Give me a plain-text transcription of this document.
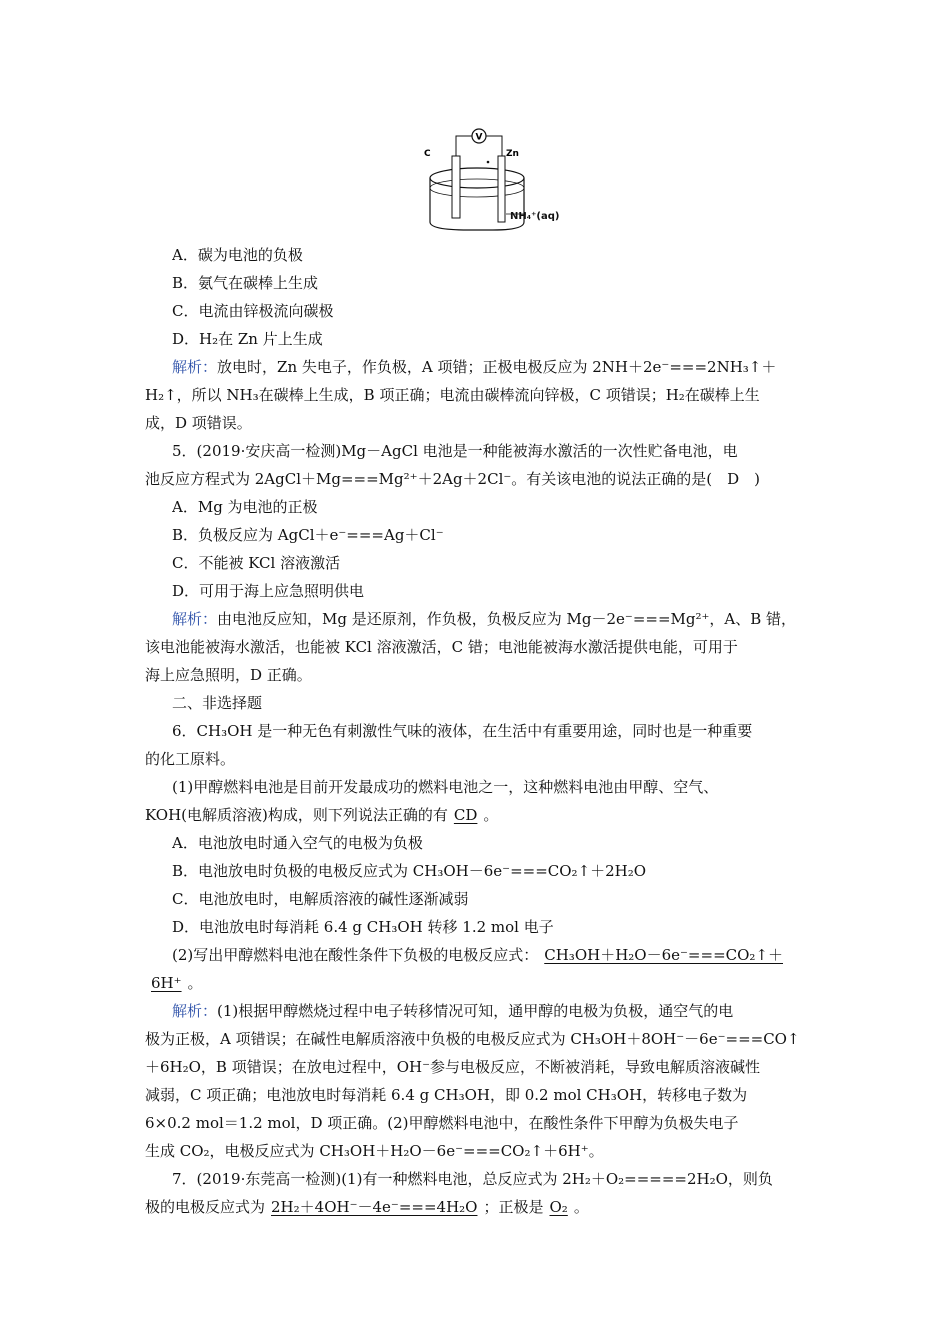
V
C	Zn
NH₄⁺(aq)
A．碳为电池的负极
B．氨气在碳棒上生成
C．电流由锌极流向碳极
D．H₂在 Zn 片上生成
解析：放电时，Zn 失电子，作负极，A 项错；正极电极反应为 2NH＋2e⁻===2NH₃↑＋
H₂↑，所以 NH₃在碳棒上生成，B 项正确；电流由碳棒流向锌极，C 项错误；H₂在碳棒上生
成，D 项错误。
5．(2019·安庆高一检测)Mg－AgCl 电池是一种能被海水激活的一次性贮备电池，电
池反应方程式为 2AgCl＋Mg===Mg²⁺＋2Ag＋2Cl⁻。有关该电池的说法正确的是(　D　)
A．Mg 为电池的正极
B．负极反应为 AgCl＋e⁻===Ag＋Cl⁻
C．不能被 KCl 溶液激活
D．可用于海上应急照明供电
解析：由电池反应知，Mg 是还原剂，作负极，负极反应为 Mg－2e⁻===Mg²⁺，A、B 错，
该电池能被海水激活，也能被 KCl 溶液激活，C 错；电池能被海水激活提供电能，可用于
海上应急照明，D 正确。
二、非选择题
6．CH₃OH 是一种无色有刺激性气味的液体，在生活中有重要用途，同时也是一种重要
的化工原料。
(1)甲醇燃料电池是目前开发最成功的燃料电池之一，这种燃料电池由甲醇、空气、
KOH(电解质溶液)构成，则下列说法正确的有 CD 。
A．电池放电时通入空气的电极为负极
B．电池放电时负极的电极反应式为 CH₃OH－6e⁻===CO₂↑＋2H₂O
C．电池放电时，电解质溶液的碱性逐渐减弱
D．电池放电时每消耗 6.4 g CH₃OH 转移 1.2 mol 电子
(2)写出甲醇燃料电池在酸性条件下负极的电极反应式： CH₃OH＋H₂O－6e⁻===CO₂↑＋
6H⁺ 。
解析：(1)根据甲醇燃烧过程中电子转移情况可知，通甲醇的电极为负极，通空气的电
极为正极，A 项错误；在碱性电解质溶液中负极的电极反应式为 CH₃OH＋8OH⁻－6e⁻===CO↑
＋6H₂O，B 项错误；在放电过程中，OH⁻参与电极反应，不断被消耗，导致电解质溶液碱性
减弱，C 项正确；电池放电时每消耗 6.4 g CH₃OH，即 0.2 mol CH₃OH，转移电子数为
6×0.2 mol＝1.2 mol，D 项正确。(2)甲醇燃料电池中，在酸性条件下甲醇为负极失电子
生成 CO₂，电极反应式为 CH₃OH＋H₂O－6e⁻===CO₂↑＋6H⁺。
7．(2019·东莞高一检测)(1)有一种燃料电池，总反应式为 2H₂＋O₂=====2H₂O，则负
极的电极反应式为 2H₂＋4OH⁻－4e⁻===4H₂O ；正极是 O₂ 。
